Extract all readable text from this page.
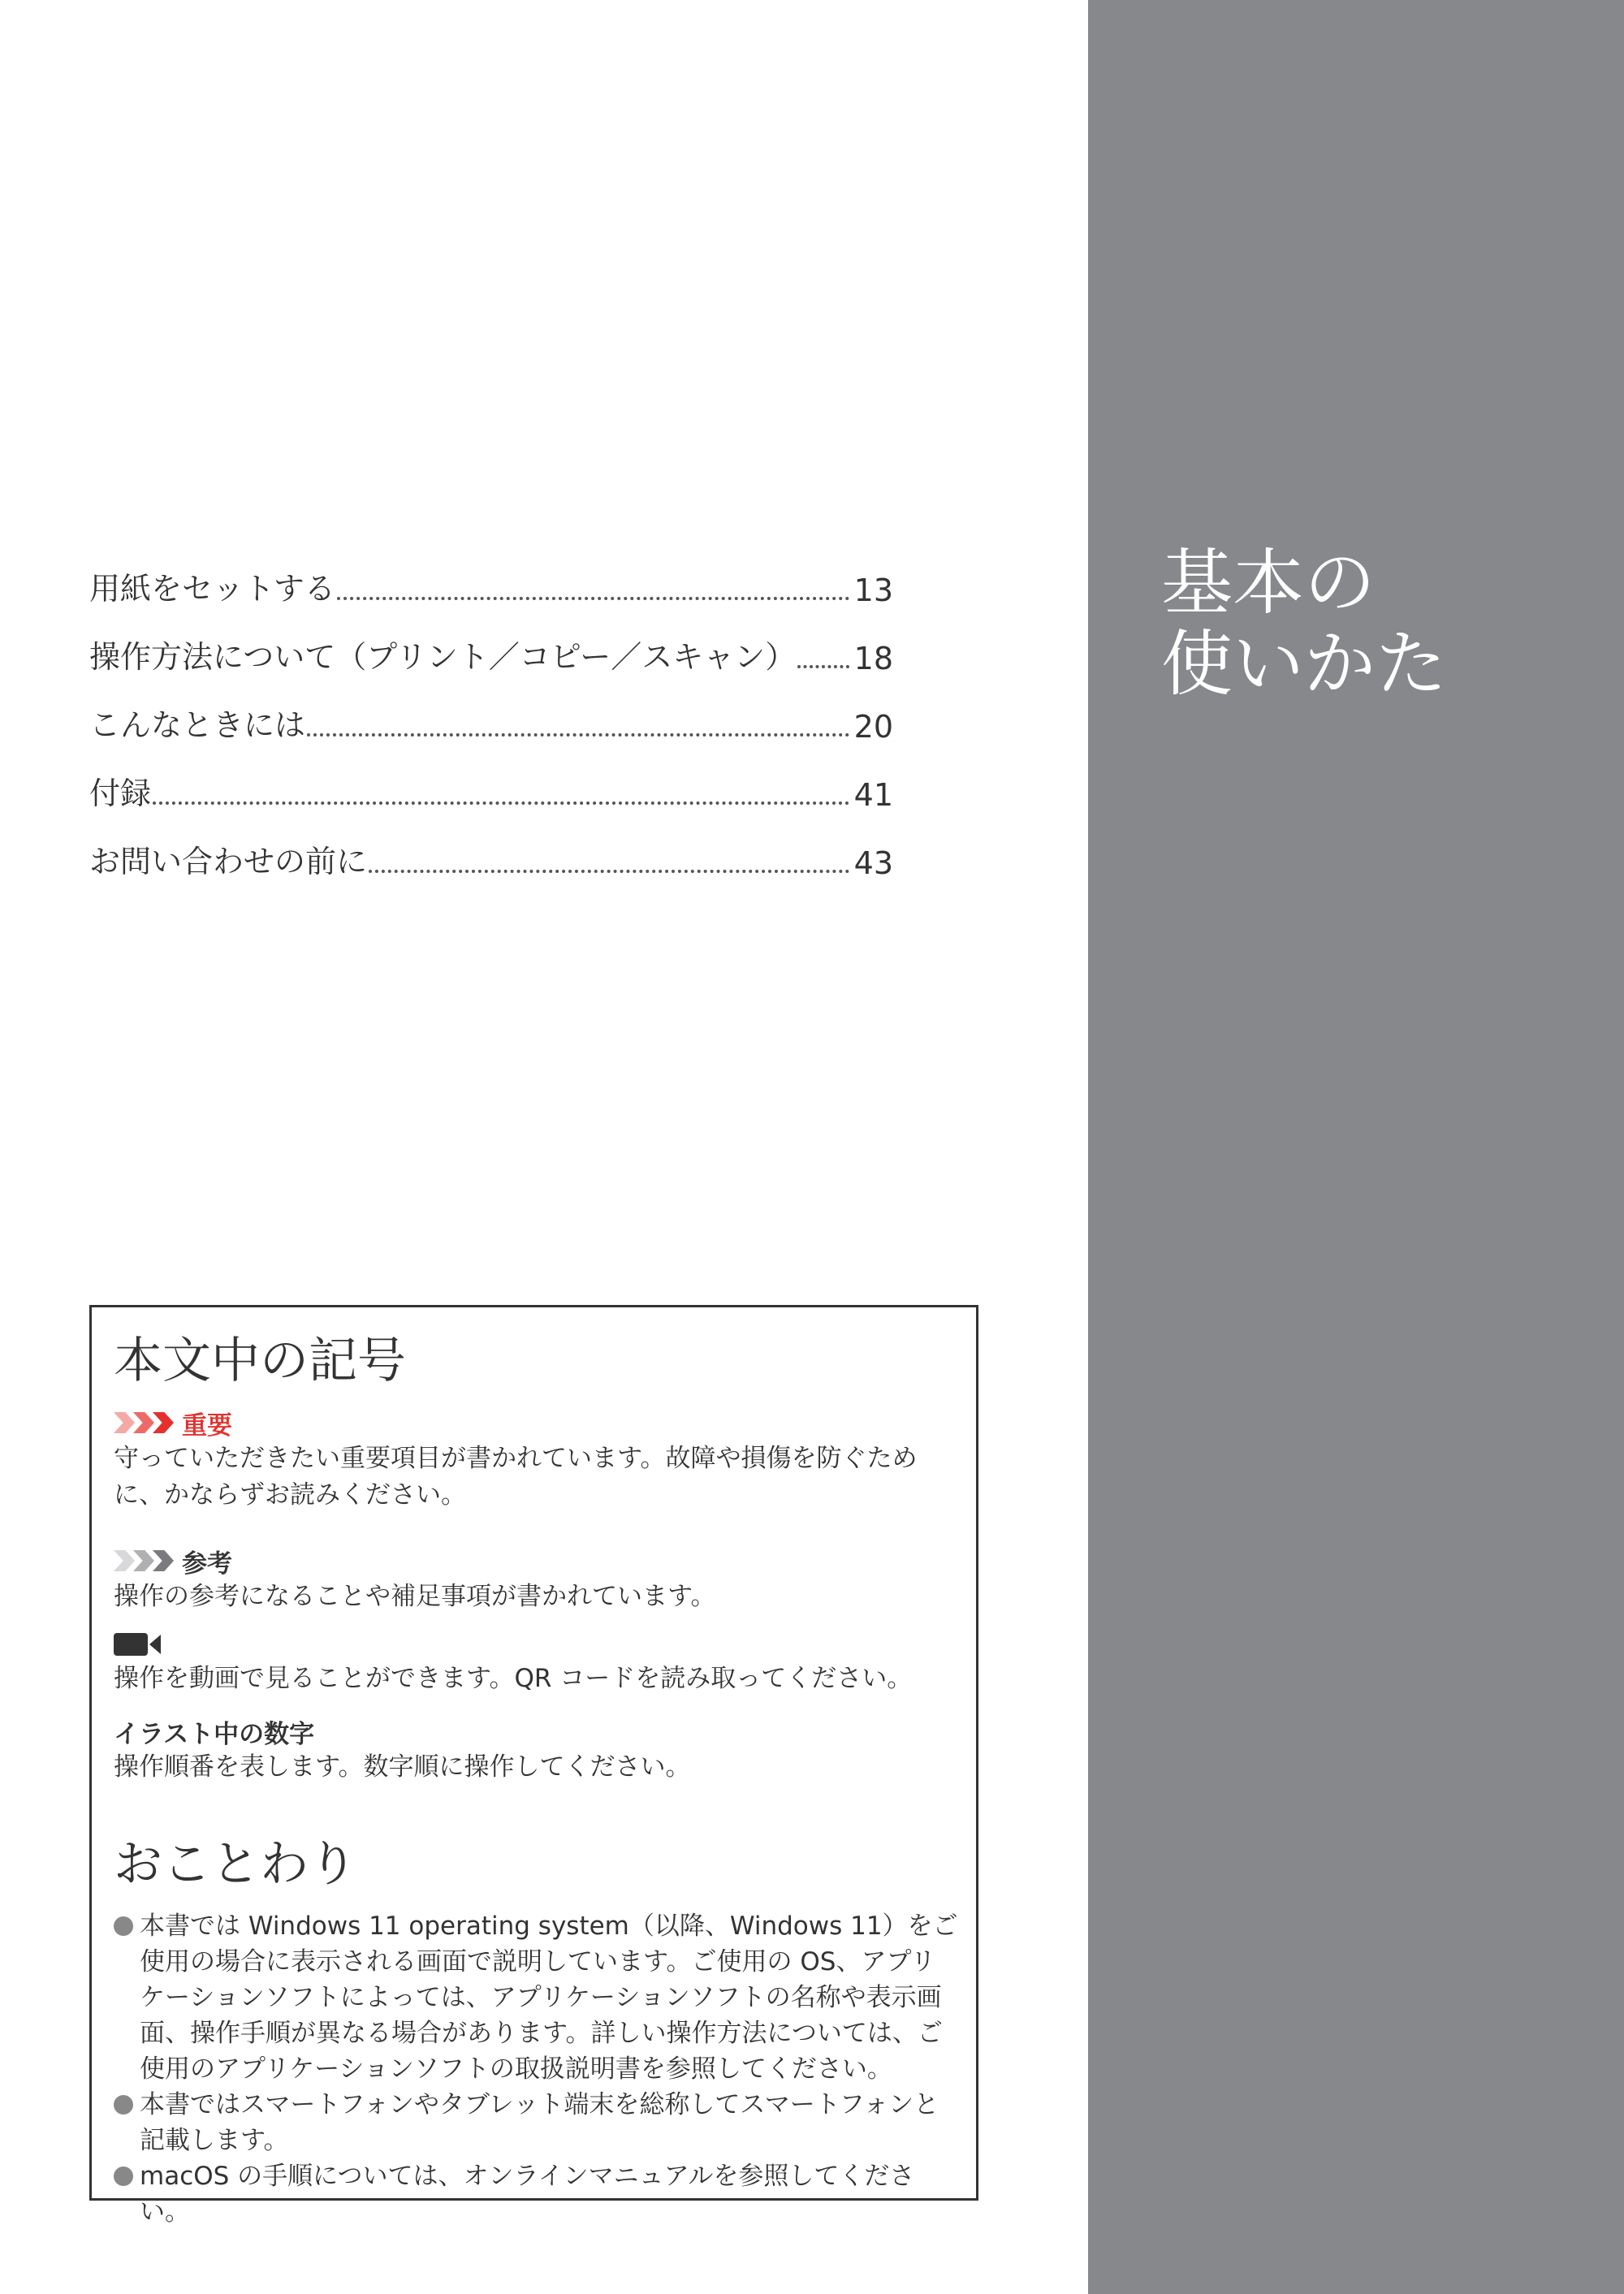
基本の
使いかた
用紙をセットする	13
操作方法について（プリント／コピー／スキャン） 18
こんなときには	20
付録	41
お問い合わせの前に	43
本文中の記号
重要

守っていただきたい重要項目が書かれています。故障や損傷を防ぐために、かならずお読みください。

参考

操作の参考になることや補足事項が書かれています。

操作を動画で見ることができます。QR コードを読み取ってください。

イラスト中の数字

操作順番を表します。数字順に操作してください。

おことわり
本書では Windows 11 operating system（以降、Windows 11）をご使用の場合に表示される画面で説明しています。ご使用の OS、アプリケーションソフトによっては、アプリケーションソフトの名称や表示画面、操作手順が異なる場合があります。詳しい操作方法については、ご使用のアプリケーションソフトの取扱説明書を参照してください。
本書ではスマートフォンやタブレット端末を総称してスマートフォンと記載します。
macOS の手順については、オンラインマニュアルを参照してください。
